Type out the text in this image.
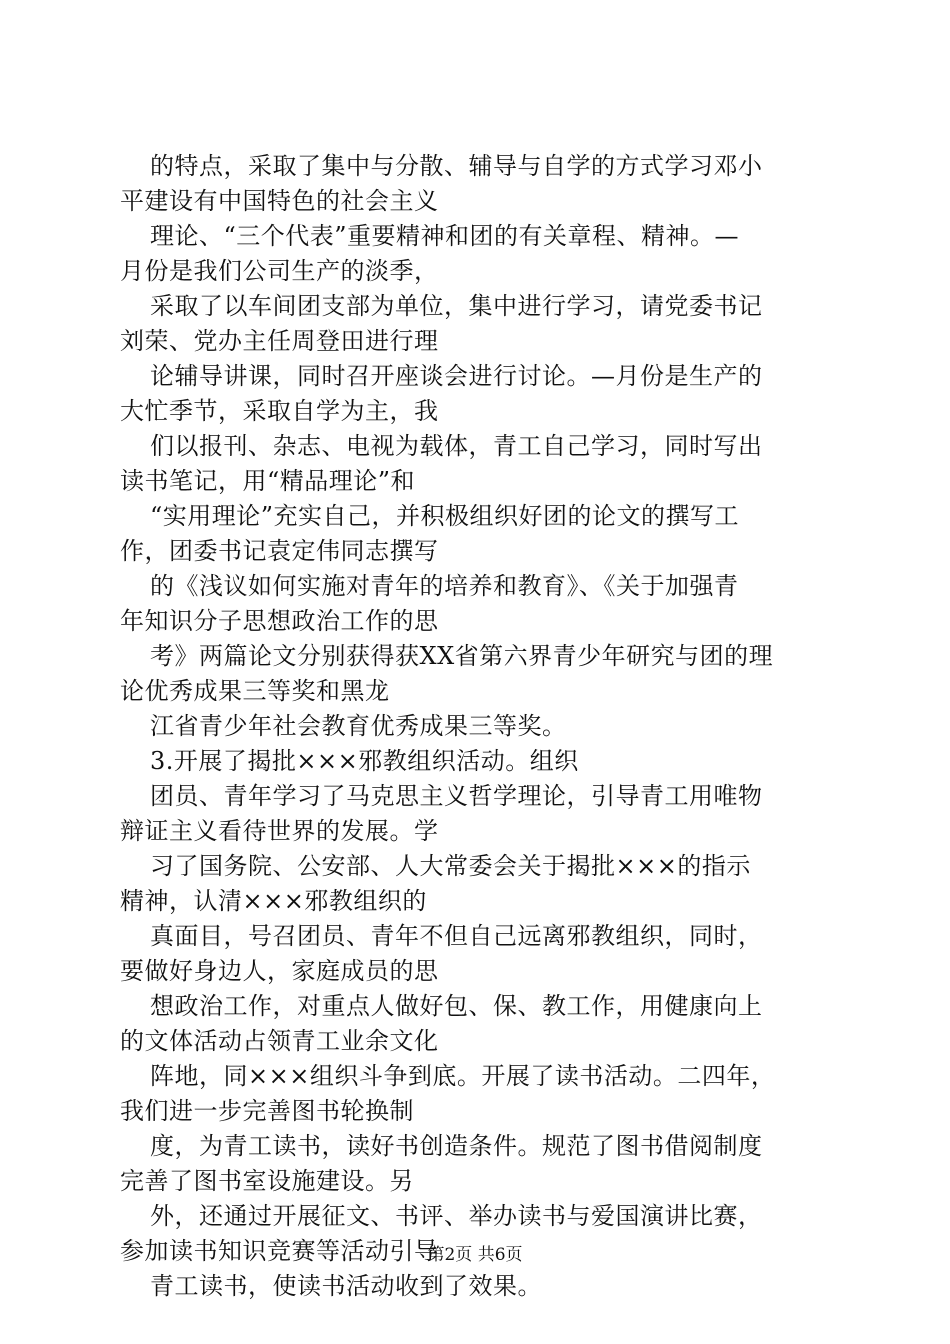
的特点，采取了集中与分散、辅导与自学的方式学习邓小
平建设有中国特色的社会主义

理论、“三个代表”重要精神和团的有关章程、精神。—
月份是我们公司生产的淡季，

采取了以车间团支部为单位，集中进行学习，请党委书记
刘荣、党办主任周登田进行理

论辅导讲课，同时召开座谈会进行讨论。—月份是生产的
大忙季节，采取自学为主，我

们以报刊、杂志、电视为载体，青工自己学习，同时写出
读书笔记，用“精品理论”和

“实用理论”充实自己，并积极组织好团的论文的撰写工
作，团委书记袁定伟同志撰写

的《浅议如何实施对青年的培养和教育》、《关于加强青
年知识分子思想政治工作的思

考》两篇论文分别获得获XX省第六界青少年研究与团的理
论优秀成果三等奖和黑龙

江省青少年社会教育优秀成果三等奖。

3.开展了揭批×××邪教组织活动。组织

团员、青年学习了马克思主义哲学理论，引导青工用唯物
辩证主义看待世界的发展。学

习了国务院、公安部、人大常委会关于揭批×××的指示
精神，认清×××邪教组织的

真面目，号召团员、青年不但自己远离邪教组织，同时，
要做好身边人，家庭成员的思

想政治工作，对重点人做好包、保、教工作，用健康向上
的文体活动占领青工业余文化

阵地，同×××组织斗争到底。开展了读书活动。二四年，
我们进一步完善图书轮换制

度，为青工读书，读好书创造条件。规范了图书借阅制度
完善了图书室设施建设。另

外，还通过开展征文、书评、举办读书与爱国演讲比赛，
参加读书知识竞赛等活动引导

青工读书，使读书活动收到了效果。

第2页 共6页
